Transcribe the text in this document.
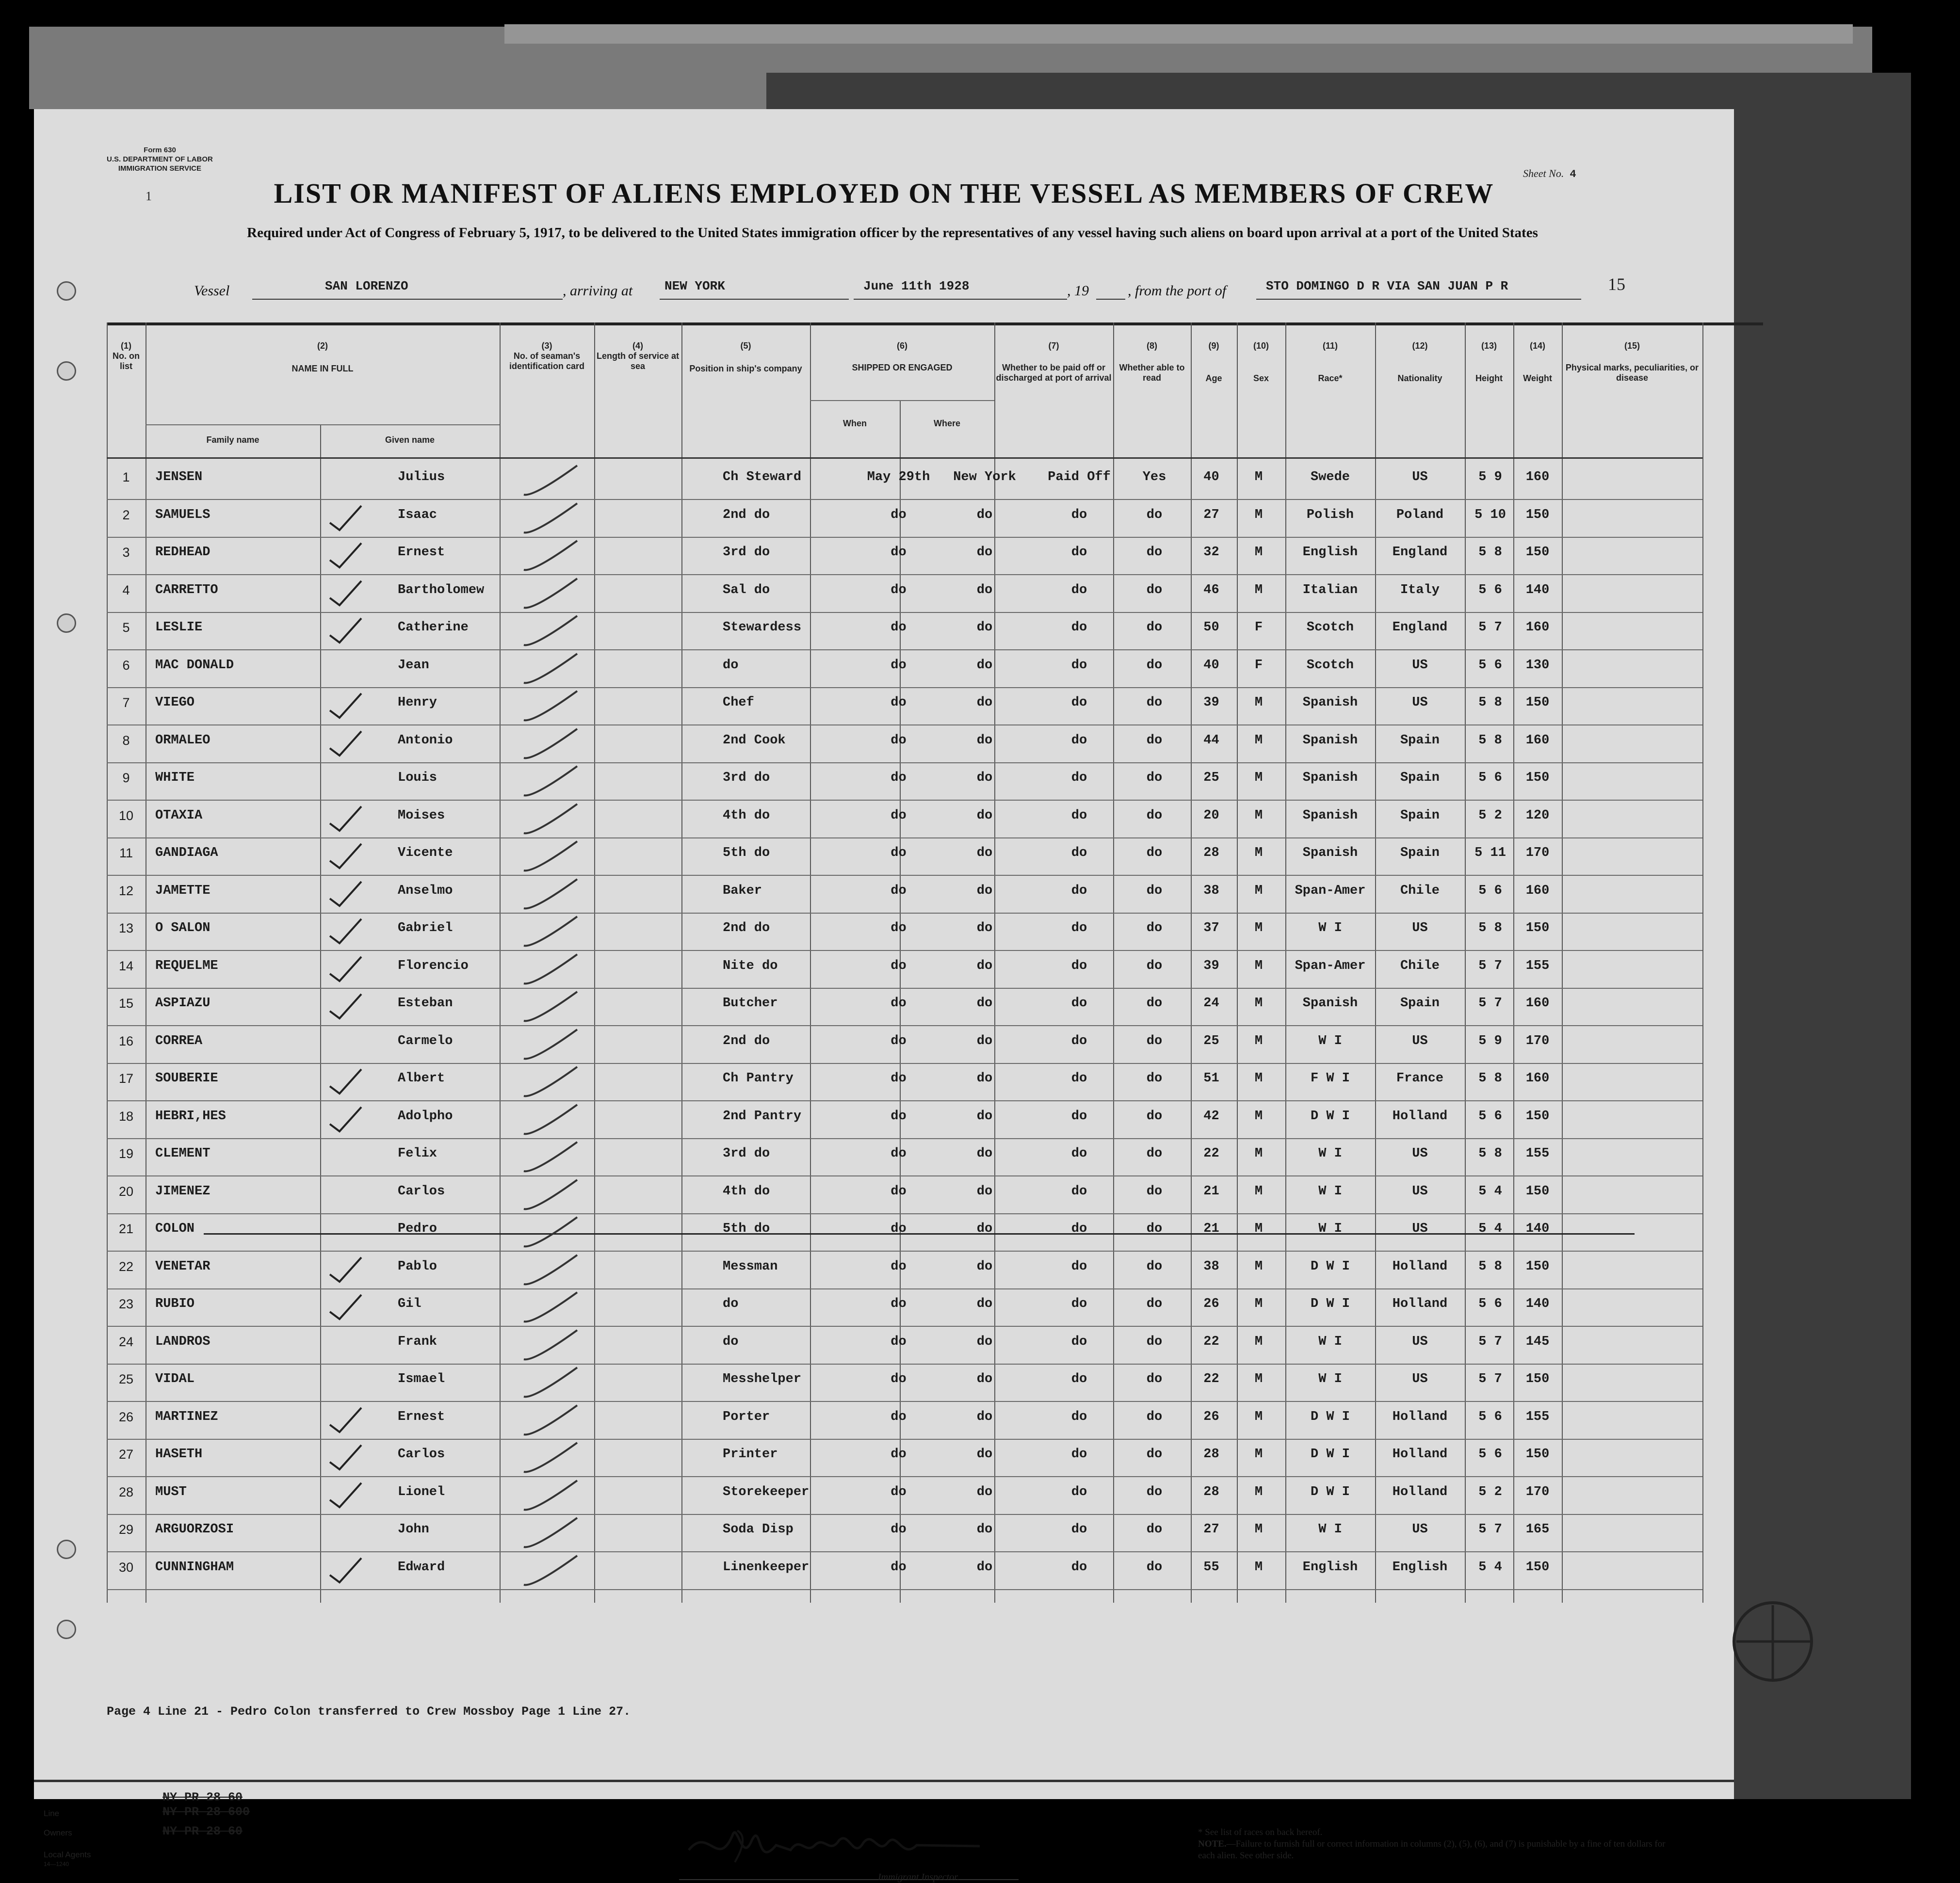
Form 630
U.S. DEPARTMENT OF LABOR
IMMIGRATION SERVICE
1
Sheet No. 4
LIST OR MANIFEST OF ALIENS EMPLOYED ON THE VESSEL AS MEMBERS OF CREW
Required under Act of Congress of February 5, 1917, to be delivered to the United States immigration officer by the representatives of any vessel having such aliens on board upon arrival at a port of the United States
Vessel	SAN LORENZO	, arriving at	NEW YORK	June 11th 1928	, 19	, from the port of	STO DOMINGO D R VIA SAN JUAN P R	15
(1)
No. on list
(2)
NAME IN FULL
Family name	Given name
(3)
No. of seaman's identification card
(4)
Length of service at sea
(5)
Position in ship's company
(6)
SHIPPED OR ENGAGED
When	Where
(7)
Whether to be paid off or discharged at port of arrival
(8)
Whether able to read
(9)
Age
(10)
Sex
(11)
Race*
(12)
Nationality
(13)
Height
(14)
Weight
(15)
Physical marks, peculiarities, or disease
1	JENSEN	Julius	Ch Steward	May 29th	New York	Paid Off	Yes	40	M	Swede	US	5 9	160
2	SAMUELS	Isaac	2nd do	do	do	do	do	27	M	Polish	Poland	5 10	150
3	REDHEAD	Ernest	3rd do	do	do	do	do	32	M	English	England	5 8	150
4	CARRETTO	Bartholomew	Sal do	do	do	do	do	46	M	Italian	Italy	5 6	140
5	LESLIE	Catherine	Stewardess	do	do	do	do	50	F	Scotch	England	5 7	160
6	MAC DONALD	Jean	do	do	do	do	do	40	F	Scotch	US	5 6	130
7	VIEGO	Henry	Chef	do	do	do	do	39	M	Spanish	US	5 8	150
8	ORMALEO	Antonio	2nd Cook	do	do	do	do	44	M	Spanish	Spain	5 8	160
9	WHITE	Louis	3rd do	do	do	do	do	25	M	Spanish	Spain	5 6	150
10	OTAXIA	Moises	4th do	do	do	do	do	20	M	Spanish	Spain	5 2	120
11	GANDIAGA	Vicente	5th do	do	do	do	do	28	M	Spanish	Spain	5 11	170
12	JAMETTE	Anselmo	Baker	do	do	do	do	38	M	Span-Amer	Chile	5 6	160
13	O SALON	Gabriel	2nd do	do	do	do	do	37	M	W I	US	5 8	150
14	REQUELME	Florencio	Nite do	do	do	do	do	39	M	Span-Amer	Chile	5 7	155
15	ASPIAZU	Esteban	Butcher	do	do	do	do	24	M	Spanish	Spain	5 7	160
16	CORREA	Carmelo	2nd do	do	do	do	do	25	M	W I	US	5 9	170
17	SOUBERIE	Albert	Ch Pantry	do	do	do	do	51	M	F W I	France	5 8	160
18	HEBRI,HES	Adolpho	2nd Pantry	do	do	do	do	42	M	D W I	Holland	5 6	150
19	CLEMENT	Felix	3rd do	do	do	do	do	22	M	W I	US	5 8	155
20	JIMENEZ	Carlos	4th do	do	do	do	do	21	M	W I	US	5 4	150
21	COLON	Pedro	5th do	do	do	do	do	21	M	W I	US	5 4	140
22	VENETAR	Pablo	Messman	do	do	do	do	38	M	D W I	Holland	5 8	150
23	RUBIO	Gil	do	do	do	do	do	26	M	D W I	Holland	5 6	140
24	LANDROS	Frank	do	do	do	do	do	22	M	W I	US	5 7	145
25	VIDAL	Ismael	Messhelper	do	do	do	do	22	M	W I	US	5 7	150
26	MARTINEZ	Ernest	Porter	do	do	do	do	26	M	D W I	Holland	5 6	155
27	HASETH	Carlos	Printer	do	do	do	do	28	M	D W I	Holland	5 6	150
28	MUST	Lionel	Storekeeper	do	do	do	do	28	M	D W I	Holland	5 2	170
29	ARGUORZOSI	John	Soda Disp	do	do	do	do	27	M	W I	US	5 7	165
30	CUNNINGHAM	Edward	Linenkeeper	do	do	do	do	55	M	English	English	5 4	150
Page 4 Line 21 - Pedro Colon transferred to Crew Mossboy Page 1 Line 27.
NY PR 28 60
Line	NY PR 28 600
Owners	NY PR 28 60
Local Agents
14—1240
Immigrant Inspector.
* See list of races on back hereof.
NOTE.—Failure to furnish full or correct information in columns (2), (5), (6), and (7) is punishable by a fine of ten dollars for each alien. See other side.
